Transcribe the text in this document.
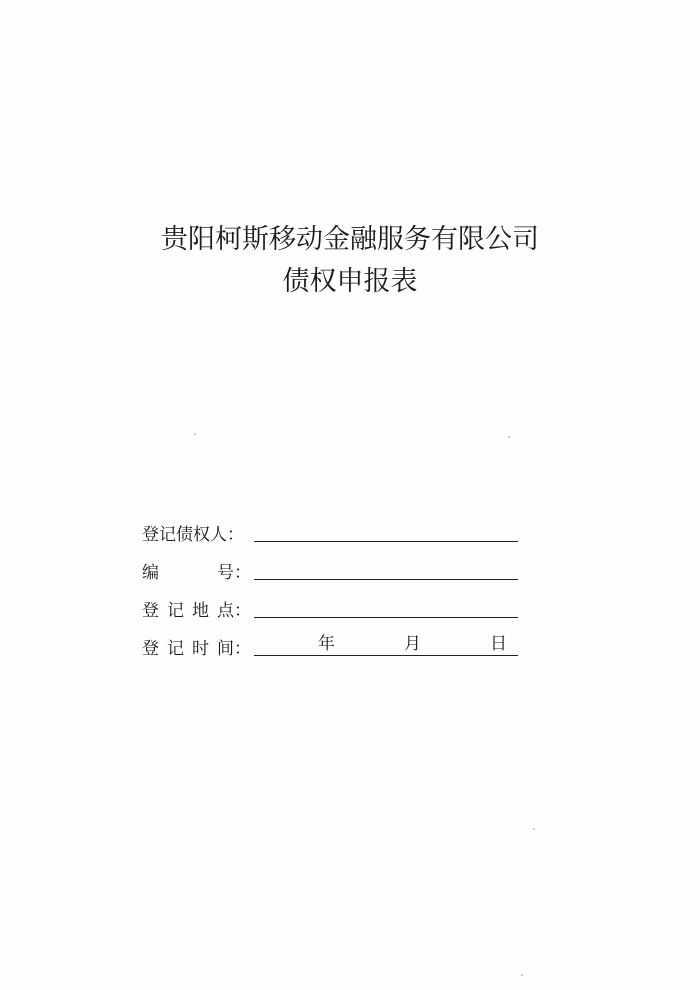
贵阳柯斯移动金融服务有限公司
债权申报表
登记债权人：
编	号：
登 记 地 点：
登 记 时 间：	年	月	日
